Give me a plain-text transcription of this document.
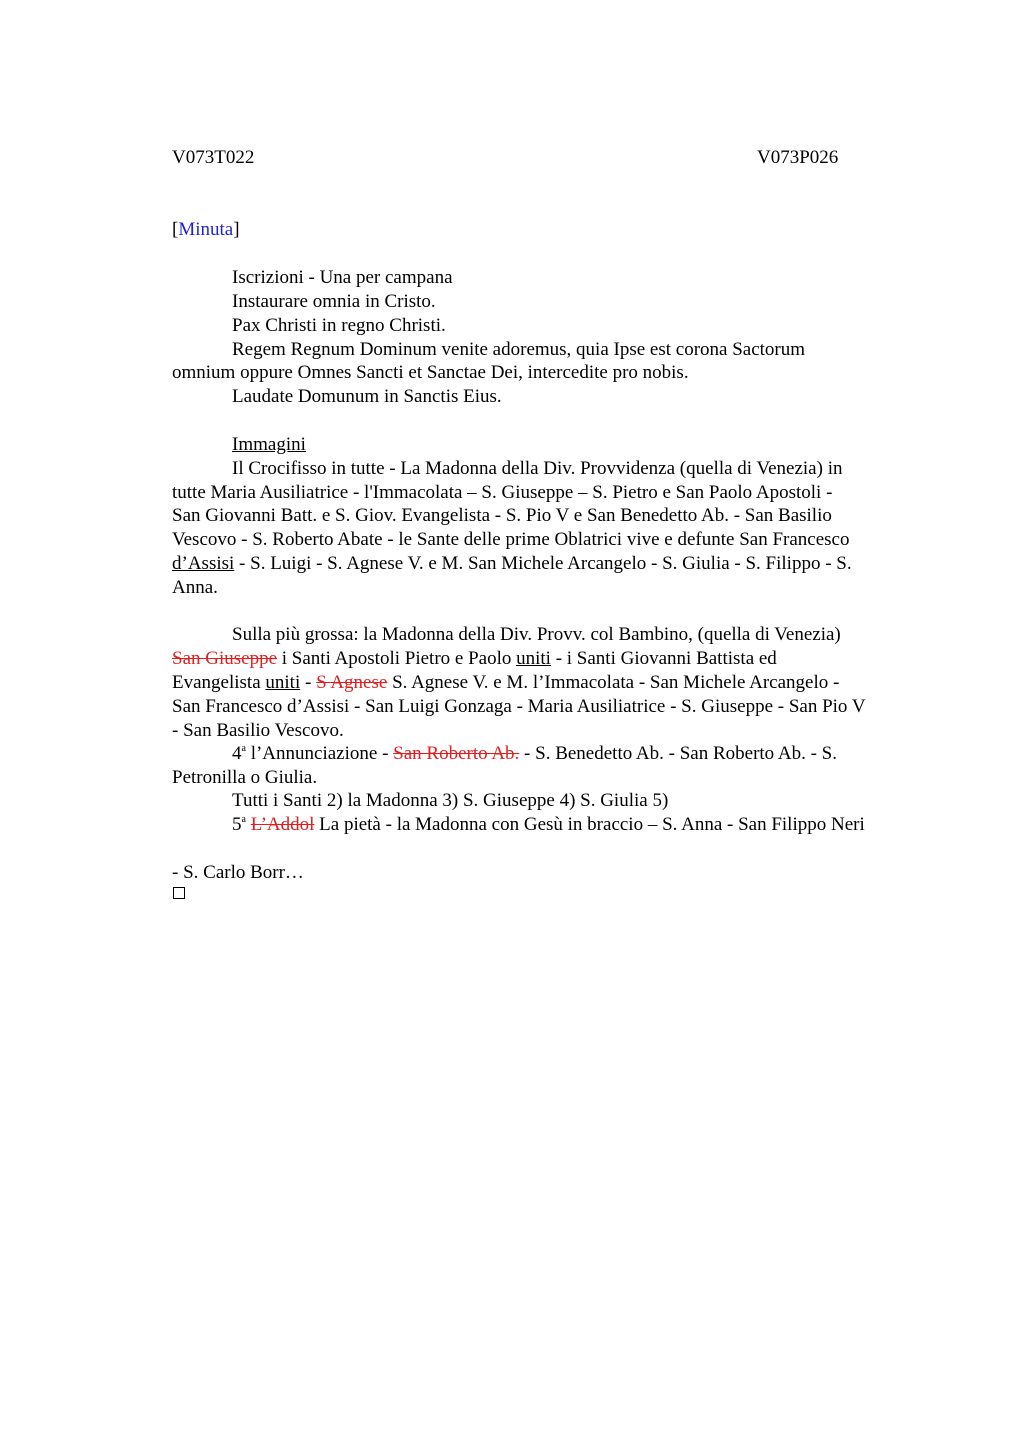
V073T022	V073P026
[Minuta]
Iscrizioni - Una per campana
Instaurare omnia in Cristo.
Pax Christi in regno Christi.
Regem Regnum Dominum venite adoremus, quia Ipse est corona Sactorum
omnium oppure Omnes Sancti et Sanctae Dei, intercedite pro nobis.
Laudate Domunum in Sanctis Eius.
Immagini
Il Crocifisso in tutte - La Madonna della Div. Provvidenza (quella di Venezia) in
tutte Maria Ausiliatrice - l'Immacolata – S. Giuseppe – S. Pietro e San Paolo Apostoli -
San Giovanni Batt. e S. Giov. Evangelista - S. Pio V e San Benedetto Ab. - San Basilio
Vescovo - S. Roberto Abate - le Sante delle prime Oblatrici vive e defunte San Francesco
d’Assisi - S. Luigi - S. Agnese V. e M. San Michele Arcangelo - S. Giulia - S. Filippo - S.
Anna.
Sulla più grossa: la Madonna della Div. Provv. col Bambino, (quella di Venezia)
San Giuseppe i Santi Apostoli Pietro e Paolo uniti - i Santi Giovanni Battista ed
Evangelista uniti - S Agnese S. Agnese V. e M. l’Immacolata - San Michele Arcangelo -
San Francesco d’Assisi - San Luigi Gonzaga - Maria Ausiliatrice - S. Giuseppe - San Pio V
- San Basilio Vescovo.
4$^a$ l’Annunciazione - San Roberto Ab. - S. Benedetto Ab. - San Roberto Ab. - S.
Petronilla o Giulia.
Tutti i Santi 2) la Madonna 3) S. Giuseppe 4) S. Giulia 5)
5$^a$ L’Addol La pietà - la Madonna con Gesù in braccio – S. Anna - San Filippo Neri
- S. Carlo Borr…
